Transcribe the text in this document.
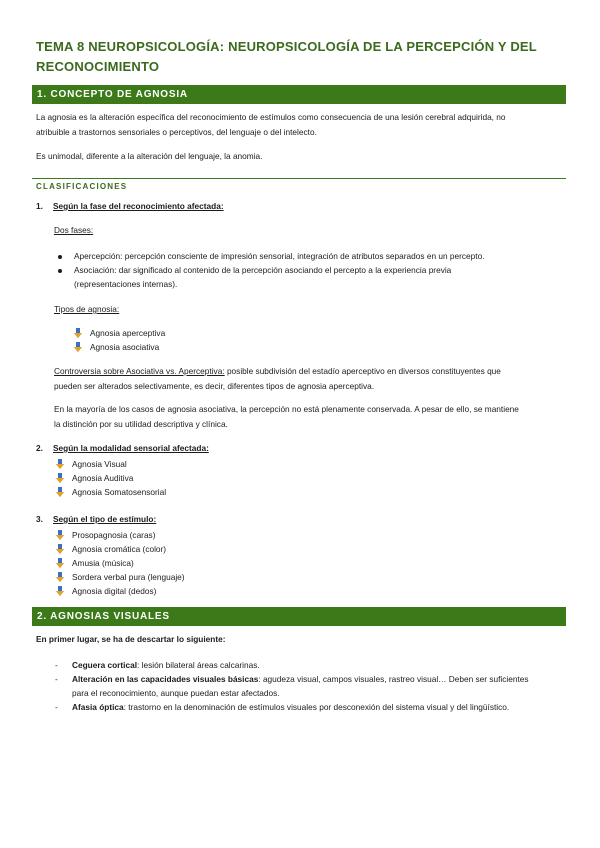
TEMA 8 NEUROPSICOLOGÍA: NEUROPSICOLOGÍA DE LA PERCEPCIÓN Y DEL
RECONOCIMIENTO
1. CONCEPTO DE AGNOSIA
La agnosia es la alteración específica del reconocimiento de estímulos como consecuencia de una lesión cerebral adquirida, no
atribuible a trastornos sensoriales o perceptivos, del lenguaje o del intelecto.
Es unimodal, diferente a la alteración del lenguaje, la anomia.
CLASIFICACIONES
1. Según la fase del reconocimiento afectada:
Dos fases:
Apercepción: percepción consciente de impresión sensorial, integración de atributos separados en un percepto.
Asociación: dar significado al contenido de la percepción asociando el percepto a la experiencia previa
(representaciones internas).
Tipos de agnosia:
Agnosia aperceptiva
Agnosia asociativa
Controversia sobre Asociativa vs. Aperceptiva: posible subdivisión del estadío aperceptivo en diversos constituyentes que
pueden ser alterados selectivamente, es decir, diferentes tipos de agnosia aperceptiva.
En la mayoría de los casos de agnosia asociativa, la percepción no está plenamente conservada. A pesar de ello, se mantiene
la distinción por su utilidad descriptiva y clínica.
2. Según la modalidad sensorial afectada:
Agnosia Visual
Agnosia Auditiva
Agnosia Somatosensorial
3. Según el tipo de estímulo:
Prosopagnosia (caras)
Agnosia cromática (color)
Amusia (música)
Sordera verbal pura (lenguaje)
Agnosia digital (dedos)
2. AGNOSIAS VISUALES
En primer lugar, se ha de descartar lo siguiente:
- Ceguera cortical: lesión bilateral áreas calcarinas.
- Alteración en las capacidades visuales básicas: agudeza visual, campos visuales, rastreo visual… Deben ser suficientes
para el reconocimiento, aunque puedan estar afectados.
- Afasia óptica: trastorno en la denominación de estímulos visuales por desconexión del sistema visual y del lingüístico.
